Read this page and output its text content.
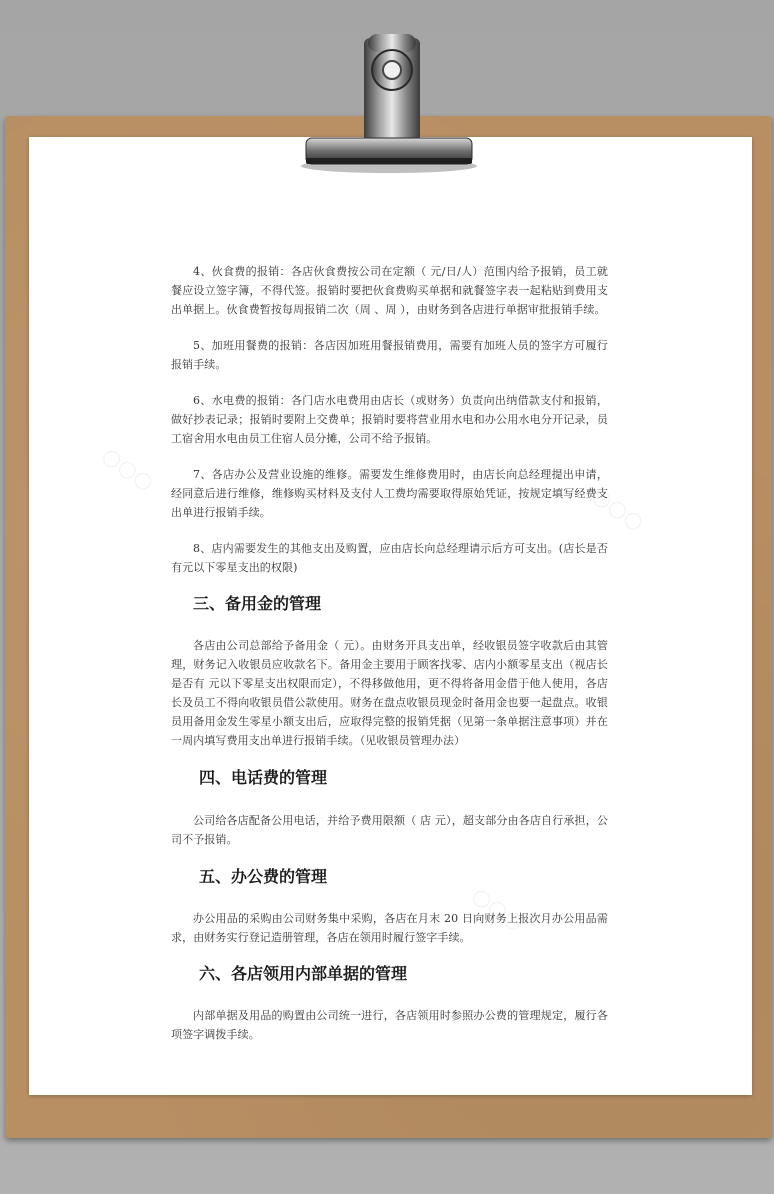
○○○
○○○
○○○

4、伙食费的报销：各店伙食费按公司在定额（ 元/日/人）范围内给予报销，员工就餐应设立签字簿，不得代签。报销时要把伙食费购买单据和就餐签字表一起粘贴到费用支出单据上。伙食费暂按每周报销二次（周 、周 ），由财务到各店进行单据审批报销手续。

5、加班用餐费的报销：各店因加班用餐报销费用，需要有加班人员的签字方可履行报销手续。

6、水电费的报销：各门店水电费用由店长（或财务）负责向出纳借款支付和报销，做好抄表记录；报销时要附上交费单；报销时要将营业用水电和办公用水电分开记录，员工宿舍用水电由员工住宿人员分摊，公司不给予报销。

7、各店办公及营业设施的维修。需要发生维修费用时，由店长向总经理提出申请，经同意后进行维修，维修购买材料及支付人工费均需要取得原始凭证，按规定填写经费支出单进行报销手续。

8、店内需要发生的其他支出及购置，应由店长向总经理请示后方可支出。(店长是否有元以下零星支出的权限)

三、备用金的管理

各店由公司总部给予备用金（ 元）。由财务开具支出单，经收银员签字收款后由其管理，财务记入收银员应收款名下。备用金主要用于顾客找零、店内小额零星支出（视店长是否有 元以下零星支出权限而定），不得移做他用，更不得将备用金借于他人使用，各店长及员工不得向收银员借公款使用。财务在盘点收银员现金时备用金也要一起盘点。收银员用备用金发生零星小额支出后，应取得完整的报销凭据（见第一条单据注意事项）并在一周内填写费用支出单进行报销手续。（见收银员管理办法）

四、电话费的管理

公司给各店配备公用电话，并给予费用限额（ 店 元），超支部分由各店自行承担，公司不予报销。

五、办公费的管理

办公用品的采购由公司财务集中采购，各店在月末 20 日向财务上报次月办公用品需求，由财务实行登记造册管理，各店在领用时履行签字手续。

六、各店领用内部单据的管理

内部单据及用品的购置由公司统一进行，各店领用时参照办公费的管理规定，履行各项签字调拨手续。
